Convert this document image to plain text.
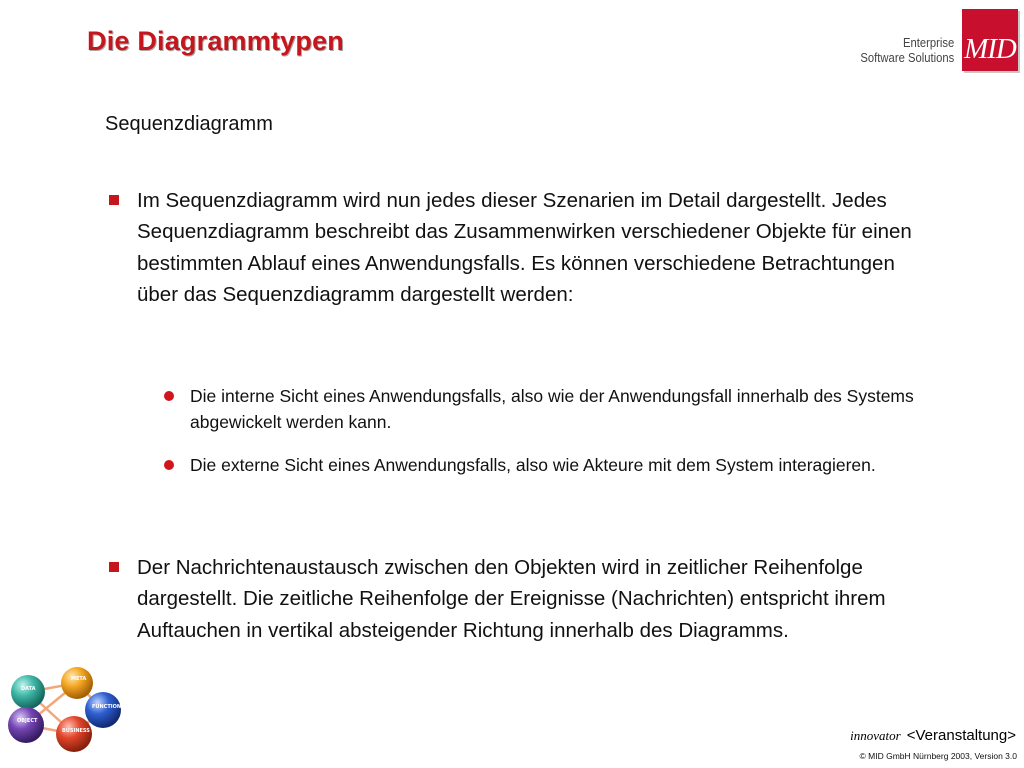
Die Diagrammtypen	Enterprise
Software Solutions MID
Sequenzdiagramm
Im Sequenzdiagramm wird nun jedes dieser Szenarien im Detail dargestellt. Jedes Sequenzdiagramm beschreibt das Zusammenwirken verschiedener Objekte für einen bestimmten Ablauf eines Anwendungsfalls. Es können verschiedene Betrachtungen über das Sequenzdiagramm dargestellt werden:
Die interne Sicht eines Anwendungsfalls, also wie der Anwendungsfall innerhalb des Systems abgewickelt werden kann.
Die externe Sicht eines Anwendungsfalls, also wie Akteure mit dem System interagieren.
Der Nachrichtenaustausch zwischen den Objekten wird in zeitlicher Reihenfolge dargestellt. Die zeitliche Reihenfolge der Ereignisse (Nachrichten) entspricht ihrem Auftauchen in vertikal absteigender Richtung innerhalb des Diagramms.
DATA
META
FUNCTION
OBJECT
BUSINESS	innovator <Veranstaltung>
© MID GmbH Nürnberg 2003, Version 3.0
